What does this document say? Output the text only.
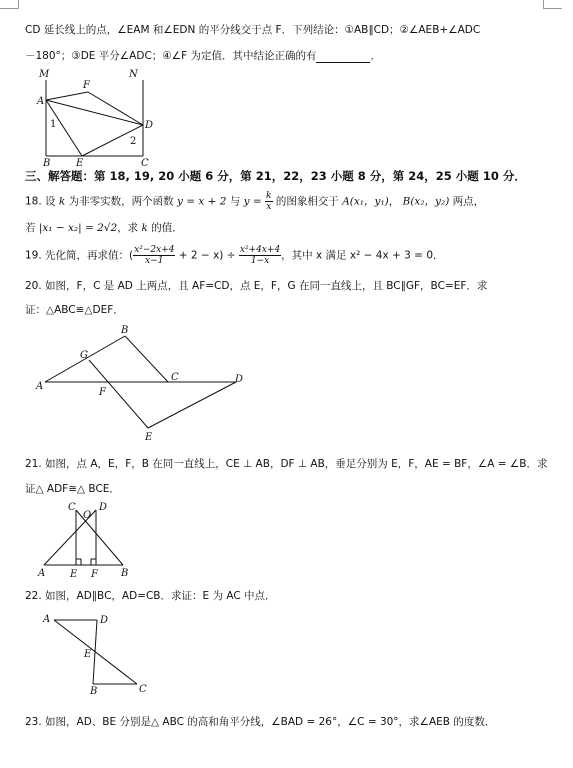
CD 延长线上的点，∠EAM 和∠EDN 的平分线交于点 F．下列结论：①AB∥CD；②∠AEB+∠ADC
－180°；③DE 平分∠ADC；④∠F 为定值．其中结论正确的有	．
M	N
F
A
D
1
2
B	E	C
三、解答题：第 18, 19, 20 小题 6 分，第 21，22，23 小题 8 分，第 24，25 小题 10 分．
18. 设 k 为非零实数，两个函数 y = x + 2 与 $y = \frac{k}{x}$ 的图象相交于 A(x₁，y₁)， B(x₂，y₂) 两点，
若 |x₁ − x₂| = 2√2，求 k 的值．
19. 先化简，再求值：( $\frac{\text{x²−2x+4}}{x-1} + 2 - x) \div \frac{\text{x²+4x+4}}{1-x}$ ，其中 x 满足 x² − 4x + 3 = 0．
20. 如图，F，C 是 AD 上两点，且 AF=CD，点 E，F，G 在同一直线上，且 BC∥GF，BC=EF．求
证：△ABC≌△DEF．
B
G
C	D
A
F
E
21. 如图，点 A，E，F，B 在同一直线上，CE ⊥ AB，DF ⊥ AB，垂足分别为 E，F，AE = BF，∠A = ∠B．求
证△ ADF≅△ BCE．
C
O
D
A E F B
22. 如图，AD∥BC，AD=CB．求证：E 为 AC 中点．
A	D
E
B	C
23. 如图，AD、BE 分别是△ ABC 的高和角平分线，∠BAD = 26°，∠C = 30°，求∠AEB 的度数．
